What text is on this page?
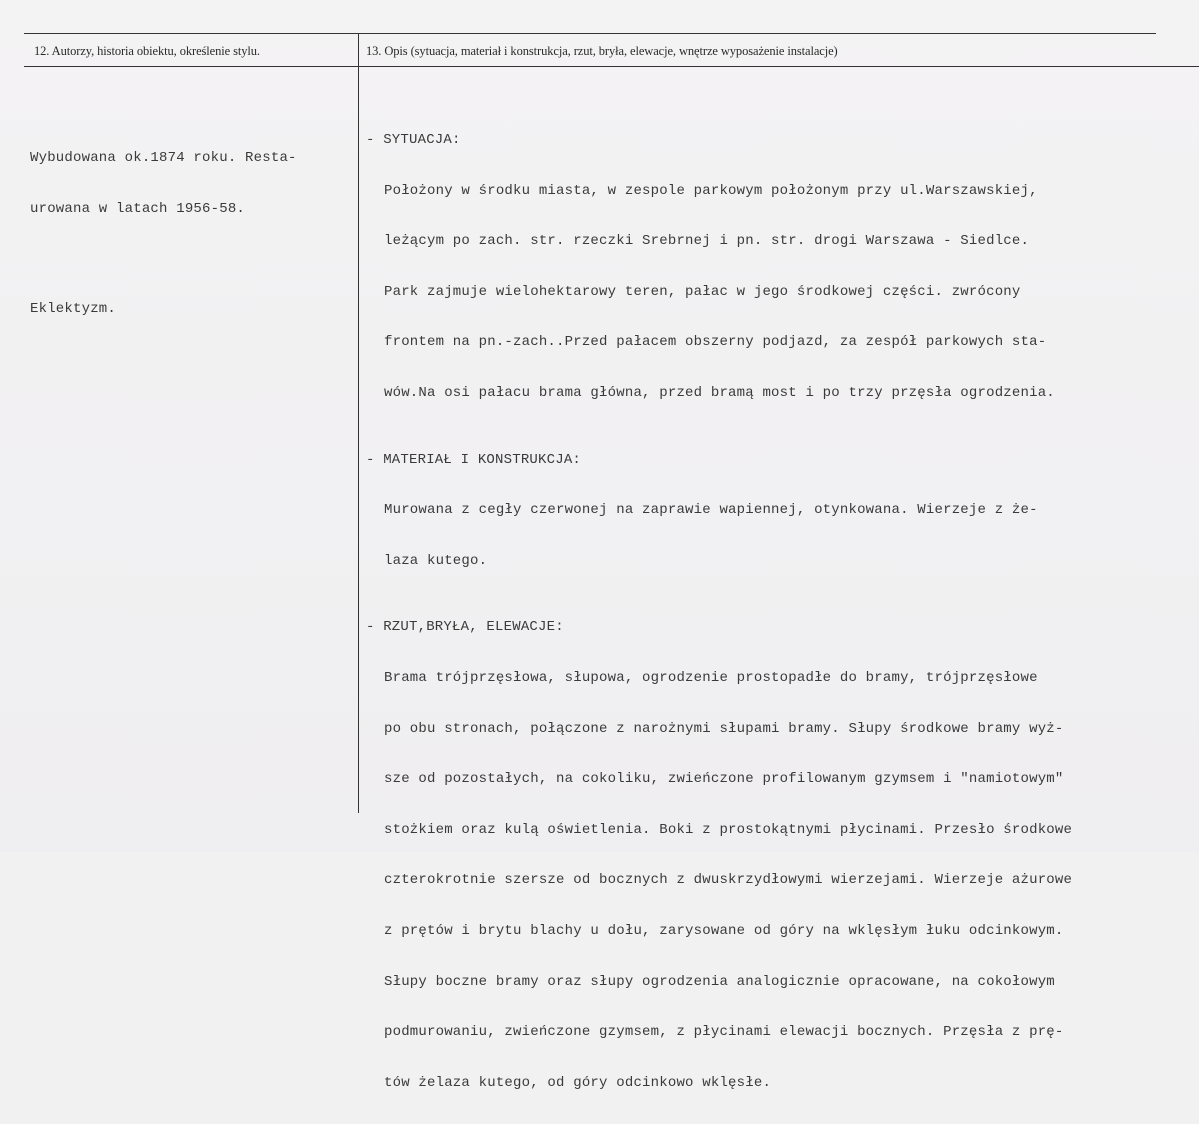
12. Autorzy, historia obiektu, określenie stylu.	13. Opis (sytuacja, materiał i konstrukcja, rzut, bryła, elewacje, wnętrze wyposażenie instalacje)

Wybudowana ok.1874 roku. Resta-

urowana w latach 1956-58.

Eklektyzm.

- SYTUACJA:

Położony w środku miasta, w zespole parkowym położonym przy ul.Warszawskiej,

leżącym po zach. str. rzeczki Srebrnej i pn. str. drogi Warszawa - Siedlce.

Park zajmuje wielohektarowy teren, pałac w jego środkowej części. zwrócony

frontem na pn.-zach..Przed pałacem obszerny podjazd, za zespół parkowych sta-

wów.Na osi pałacu brama główna, przed bramą most i po trzy przęsła ogrodzenia.

- MATERIAŁ I KONSTRUKCJA:

Murowana z cegły czerwonej na zaprawie wapiennej, otynkowana. Wierzeje z że-

laza kutego.

- RZUT,BRYŁA, ELEWACJE:

Brama trójprzęsłowa, słupowa, ogrodzenie prostopadłe do bramy, trójprzęsłowe

po obu stronach, połączone z narożnymi słupami bramy. Słupy środkowe bramy wyż-

sze od pozostałych, na cokoliku, zwieńczone profilowanym gzymsem i "namiotowym"

stożkiem oraz kulą oświetlenia. Boki z prostokątnymi płycinami. Przesło środkowe

czterokrotnie szersze od bocznych z dwuskrzydłowymi wierzejami. Wierzeje ażurowe

z prętów i brytu blachy u dołu, zarysowane od góry na wklęsłym łuku odcinkowym.

Słupy boczne bramy oraz słupy ogrodzenia analogicznie opracowane, na cokołowym

podmurowaniu, zwieńczone gzymsem, z płycinami elewacji bocznych. Przęsła z prę-

tów żelaza kutego, od góry odcinkowo wklęsłe.
